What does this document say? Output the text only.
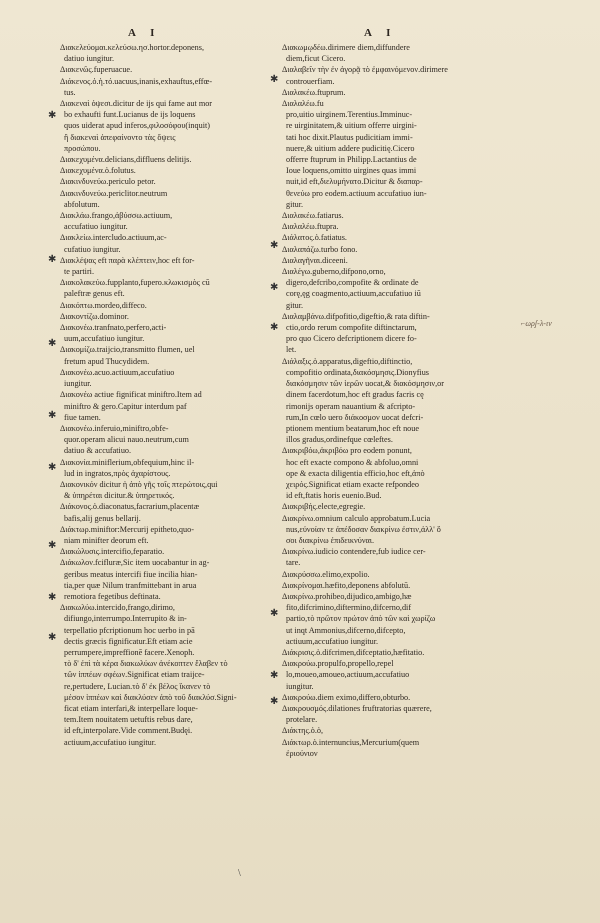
A I	A I
Διακελεύομαι.κελεύσω.ησ.hortor.deponens,
datiuo iungitur.
Διακενῶς.fuperuacue.
Διάκενος.ὁ.ἡ.τό.uacuus,inanis,exhauftus,effœ-
tus.
Διακεναὶ ὀψεσι.dicitur de ijs qui fame aut mor
bo exhaufti funt.Lucianus de ijs loquens
quos uiderat apud inferos,φιλοσόφου(inquit)
ἢ διακεναὶ ἀπεφαίνοντο τὰς ὄψεις
προσώπου.
Διακεχυμένα.delicians,diffluens delitijs.
Διακεχυμένα.ὁ.folutus.
Διακινδυνεύω.periculo petor.
Διακινδυνεύω.periclitor.neutrum
abfolutum.
Διακλάω.frango,ἀβύσσω.actiuum,
accufatiuo iungitur.
Διακλείω.intercludo.actiuum,ac-
cufatiuo iungitur.
Διακλέψας eft παρὰ κλέπτειν,hoc eft for-
te partiri.
Διακολακεύω.fupplanto,fupero.κλωκισμὸς cū
paleftræ genus eft.
Διακόπτω.mordeo,diffeco.
Διακοντίζω.dominor.
Διακονέω.tranfnato,perfero,acti-
uum,accufatiuo iungitur.
Διακομίζω.traijcio,transmitto flumen, uel
fretum apud Thucydidem.
Διακονέω.acuo.actiuum,accufatiuo
iungitur.
Διακονέω actiue fignificat miniftro.Item ad
miniftro & gero.Capitur interdum paf
fiue tamen.
Διακονέω.inferuio,miniftro,obfe-
quor.operam alicui nauo.neutrum,cum
datiuo & accufatiuo.
Διακονία.miniflerium,obfequium,hinc il-
lud in ingratos,πρὸς ἀχαρίστους.
Διακονικόν dicitur ἡ ἀπὸ γῆς τοῖς πτερώτοις,qui
& ὑπηρέται dicitur.& ὑπηρετικός.
Διάκονος.ὁ.diaconatus,facrarium,placentæ
bafis,alij genus bellarij.
Διάκτωρ.miniftor:Mercurij epitheto,quo-
niam minifter deorum eft.
Διακώλυσις.intercifio,feparatio.
Διάκωλον.fcifluræ,Sic item uocabantur in ag-
geribus meatus intercifi fiue incilia hian-
tia,per quæ Nilum tranfmittebant in arua
remotiora fegetibus deftinata.
Διακωλύω.intercido,frango,dirimo,
difiungo,interrumpo.Interrupito & in-
terpellatio pfcriptionum hoc uerbo in pā
dectis græcis fignificatur.Eft etiam acie
perrumpere,impreffionē facere.Xenoph.
τὸ δ' ἐπὶ τὰ κέρα διακωλύων ἀνέκοπτεν ἔλαβεν τὸ
τῶν ἱππέων σφέων.Significat etiam traijce-
re,pertudere, Lucian.τὸ δ' ἐκ βέλος ἵκανεν τὸ
μέσον ἱππέων καὶ διακλύσεν ἀπὸ τοῦ διακλύσ.Signi-
ficat etiam interfari,& interpellare loque-
tem.Item nouitatem uetuftis rebus dare,
id eft,interpolare.Vide comment.Budęi.
actiuum,accufatiuo iungitur.
Διακωμῳδέω.dirimere diem,diffundere
diem,ficut Cicero.
Διαλαβεῖν τὴν ἐν ἀγορᾷ τὸ ἐμφαινόμενον.dirimere
controuerfiam.
Διαλακέω.ftuprum.
Διαλαλέω.fu
pro,uitio uirginem.Terentius.Imminuc-
re uirginitatem,& uitium offerre uirgini-
tati hoc dixit.Plautus pudicitiam immi-
nuere,& uitium addere pudicitię.Cicero
offerre ftuprum in Philipp.Lactantius de
Ioue loquens,omitto uirgines quas immi
nuit,id eft,διελυμήνατο.Dicitur & διαπαρ-
θενεύω pro eodem.actiuum accufatiuo iun-
gitur.
Διαλακέω.fatiarus.
Διαλαλέω.ftupra.
Διάλατος.ὁ.fatiatus.
Διαλαπάζω.turbo fono.
Διαλαγῆναι.diceeni.
Διαλέγω.guberno,difpono,orno,
digero,defcribo,compofite & ordinate de
corę,ęg coagmento,actiuum,accufatiuo iū
gitur.
Διαλαμβάνω.difpofitio,digeftio,& rata diftin-
ctio,ordo rerum compofite diftinctarum,
pro quo Cicero defcriptionem dicere fo-
let.
Διάλαξις.ὁ.apparatus,digeftio,diftinctio,
compofitio ordinata,διακόσμησις.Dionyfius
διακόσμησιν τῶν ἱερῶν uocat,& διακόσμησιν,or
dinem facerdotum,hoc eft gradus facris cę
rimonijs operam nauantium & afcripto-
rum,In cœlo uero διάκοσμον uocat defcri-
ptionem mentium beatarum,hoc eft noue
illos gradus,ordinefque cœleftes.
Διακριβόω,ἀκριβόω pro eodem ponunt,
hoc eft exacte compono & abfoluo,omni
ope & exacta diligentia efficio,hoc eft,ἀπὸ
χειρός.Significat etiam exacte refpondeo
id eft,ftatis horis euenio.Bud.
Διακριβής.electe,egregie.
Διακρίνω.omnium calculo approbatum.Lucia
nus,εὐνοίαν τε ἀπέδοσαν διακρίνω ἐστιν,ἀλλ' ὅ
σοι διακρίνω ἐπιδεικνύναι.
Διακρίνω.iudicio contendere,fub iudice cer-
tare.
Διακρύσσω.elimo,expolio.
Διακρίνομαι.hæfito,deponens abfolutū.
Διακρίνω.prohibeo,dijudico,ambigo,hæ
fito,difcrimino,diftermino,difcerno,dif
partio,τὸ πρῶτον πρώτον ἀπὸ τῶν καὶ χωρίζω
ut inqt Ammonius,difcerno,difcepto,
actiuum,accufatiuo iungitur.
Διάκρισις.ὁ.difcrimen,difceptatio,hæfitatio.
Διακρούω.propulfo,propello,repel
lo,moueo,amoueo,actiuum,accufatiuo
iungitur.
Διακρούω.diem eximo,differo,obturbo.
Διακρουσμός.dilationes fruftratorias quærere,
protelare.
Διάκτης.ὁ.ὁ,
Διάκτωρ.ὁ.internuncius,Mercurium(quem
ἐριούνιον
✱
✱
✱
✱
✱
✱
✱
✱
✱
✱
✱
✱
✱
✱
✱
⌐ωρʃ-λ-ιν
\
